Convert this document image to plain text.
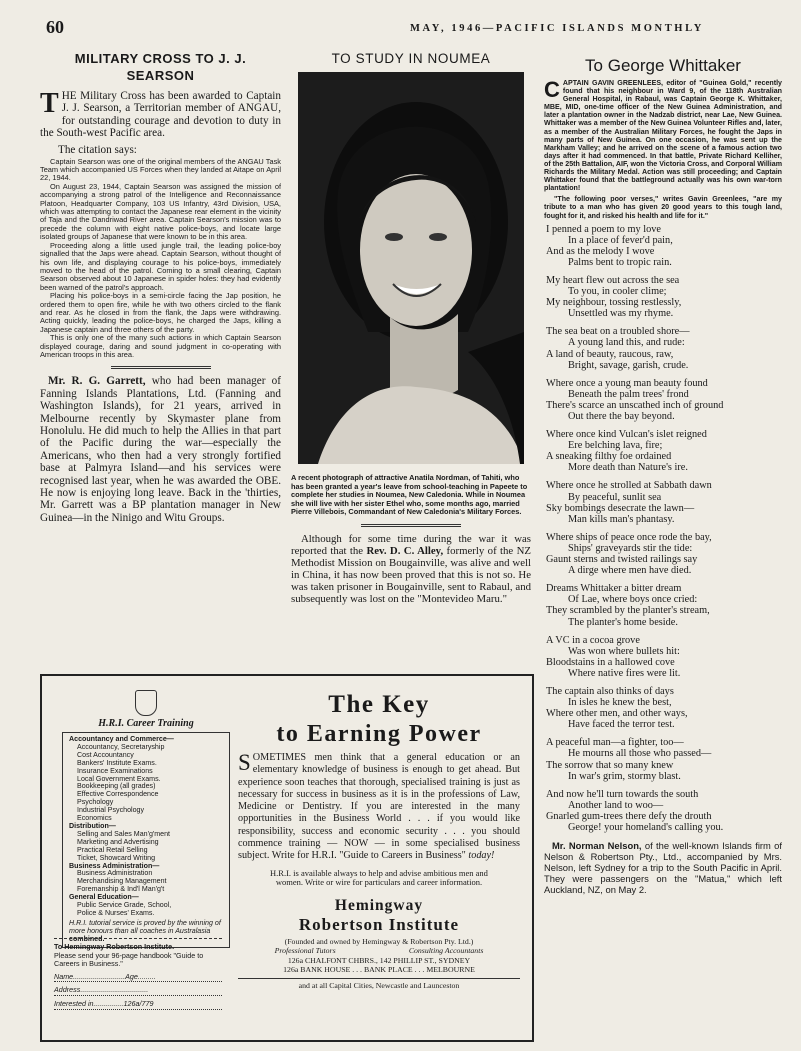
60	MAY, 1946—PACIFIC ISLANDS MONTHLY
MILITARY CROSS TO J. J. SEARSON
THE Military Cross has been awarded to Captain J. J. Searson, a Territorian member of ANGAU, for outstanding courage and devotion to duty in the South-west Pacific area.
The citation says:

Captain Searson was one of the original members of the ANGAU Task Team which accompanied US Forces when they landed at Aitape on April 22, 1944.

On August 23, 1944, Captain Searson was assigned the mission of accompanying a strong patrol of the Intelligence and Reconnaissance Platoon, Headquarter Company, 103 US Infantry, 43rd Division, USA, which was attempting to contact the Japanese rear element in the vicinity of Taja and the Dandriwad River area. Captain Searson's mission was to precede the column with eight native police-boys, and locate large isolated groups of Japanese that were known to be in this area.

Proceeding along a little used jungle trail, the leading police-boy signalled that the Japs were ahead. Captain Searson, without thought of his own life, and displaying courage to his police-boys, immediately moved to the head of the patrol. Coming to a small clearing, Captain Searson observed about 10 Japanese in spider holes: they had evidently been warned of the patrol's approach.

Placing his police-boys in a semi-circle facing the Jap position, he ordered them to open fire, while he with two others circled to the flank and rear. As he closed in from the flank, the Japs were withdrawing. Acting quickly, leading the police-boys, he charged the Japs, killing a Japanese captain and three others of the party.

This is only one of the many such actions in which Captain Searson displayed courage, daring and sound judgment in co-operating with American troops in this area.

Mr. R. G. Garrett, who had been manager of Fanning Islands Plantations, Ltd. (Fanning and Washington Islands), for 21 years, arrived in Melbourne recently by Skymaster plane from Honolulu. He did much to help the Allies in that part of the Pacific during the war—especially the Americans, who then had a very strongly fortified base at Palmyra Island—and his services were recognised last year, when he was awarded the OBE. He now is enjoying long leave. Back in the 'thirties, Mr. Garrett was a BP plantation manager in New Guinea—in the Ninigo and Witu Groups.
TO STUDY IN NOUMEA

A recent photograph of attractive Anatila Nordman, of Tahiti, who has been granted a year's leave from school-teaching in Papeete to complete her studies in Noumea, New Caledonia. While in Noumea she will live with her sister Ethel who, some months ago, married Pierre Villebois, Commandant of New Caledonia's Military Forces.

Although for some time during the war it was reported that the Rev. D. C. Alley, formerly of the NZ Methodist Mission on Bougainville, was alive and well in China, it has now been proved that this is not so. He was taken prisoner in Bougainville, sent to Rabaul, and subsequently was lost on the "Montevideo Maru."
To George Whittaker

CAPTAIN GAVIN GREENLEES, editor of "Guinea Gold," recently found that his neighbour in Ward 9, of the 118th Australian General Hospital, in Rabaul, was Captain George K. Whittaker, MBE, MID, one-time officer of the New Guinea Administration, and later a plantation owner in the Nadzab district, near Lae, New Guinea. Whittaker was a member of the New Guinea Volunteer Rifles and, later, as a member of the Australian Military Forces, he fought the Japs in many parts of New Guinea. On one occasion, he was sent up the Markham Valley; and he arrived on the scene of a famous action two days after it had commenced. In that battle, Private Richard Kelliher, of the 25th Battalion, AIF, won the Victoria Cross, and Corporal William Richards the Military Medal. Action was still proceeding; and Captain Whittaker found that the battleground actually was his own war-torn plantation!

"The following poor verses," writes Gavin Greenlees, "are my tribute to a man who has given 20 good years to this tough land, fought for it, and risked his health and life for it."

I penned a poem to my love
In a place of fever'd pain,
And as the melody I wove
Palms bent to tropic rain.
My heart flew out across the sea
To you, in cooler clime;
My neighbour, tossing restlessly,
Unsettled was my rhyme.
The sea beat on a troubled shore—
A young land this, and rude:
A land of beauty, raucous, raw,
Bright, savage, garish, crude.
Where once a young man beauty found
Beneath the palm trees' frond
There's scarce an unscathed inch of ground
Out there the bay beyond.
Where once kind Vulcan's islet reigned
Ere belching lava, fire;
A sneaking filthy foe ordained
More death than Nature's ire.
Where once he strolled at Sabbath dawn
By peaceful, sunlit sea
Sky bombings desecrate the lawn—
Man kills man's phantasy.
Where ships of peace once rode the bay,
Ships' graveyards stir the tide:
Gaunt sterns and twisted railings say
A dirge where men have died.
Dreams Whittaker a bitter dream
Of Lae, where boys once cried:
They scrambled by the planter's stream,
The planter's home beside.
A VC in a cocoa grove
Was won where bullets hit:
Bloodstains in a hallowed cove
Where native fires were lit.
The captain also thinks of days
In isles he knew the best,
Where other men, and other ways,
Have faced the terror test.
A peaceful man—a fighter, too—
He mourns all those who passed—
The sorrow that so many knew
In war's grim, stormy blast.
And now he'll turn towards the south
Another land to woo—
Gnarled gum-trees there defy the drouth
George! your homeland's calling you.
Mr. Norman Nelson, of the well-known Islands firm of Nelson & Robertson Pty., Ltd., accompanied by Mrs. Nelson, left Sydney for a trip to the South Pacific in April. They were passengers on the "Matua," which left Auckland, NZ, on May 2.
H.R.I. Career Training
Accountancy and Commerce—
Accountancy, Secretaryship
Cost Accountancy
Bankers' Institute Exams.
Insurance Examinations
Local Government Exams.
Bookkeeping (all grades)
Effective Correspondence
Psychology
Industrial Psychology
Economics
Distribution—
Selling and Sales Man'g'ment
Marketing and Advertising
Practical Retail Selling
Ticket, Showcard Writing
Business Administration—
Business Administration
Merchandising Management
Foremanship & Ind'l Man'g't
General Education—
Public Service Grade, School,
Police & Nurses' Exams.
H.R.I. tutorial service is proved by the winning of more honours than all coaches in Australasia combined.
To Hemingway Robertson Institute.
Please send your 96-page handbook "Guide to Careers in Business."
Name..........................Age.........
Address..................................
Interested in...............126a/779
The Key
to Earning Power
SOMETIMES men think that a general education or an elementary knowledge of business is enough to get ahead. But experience soon teaches that thorough, specialised training is just as necessary for success in business as it is in the professions of Law, Medicine or Dentistry. If you are interested in the many opportunities in the Business World . . . if you would like responsibility, success and economic security . . . you should commence training — NOW — in some specialised business subject. Write for H.R.I. "Guide to Careers in Business" today!
H.R.I. is available always to help and advise ambitious men and women. Write or wire for particulars and career information.
Hemingway
Robertson Institute
(Founded and owned by Hemingway & Robertson Pty. Ltd.)
Professional Tutors	Consulting Accountants
126a CHALFONT CHBRS., 142 PHILLIP ST., SYDNEY
126a BANK HOUSE . . . BANK PLACE . . . MELBOURNE
and at all Capital Cities, Newcastle and Launceston
